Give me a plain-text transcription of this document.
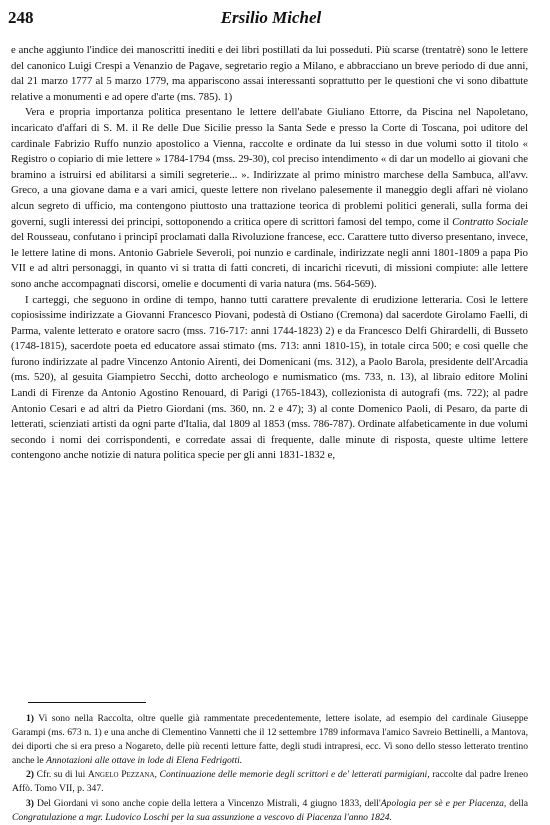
248	Ersilio Michel

e anche aggiunto l'indice dei manoscritti inediti e dei libri postillati da lui posseduti. Più scarse (trentatrè) sono le lettere del canonico Luigi Crespi a Venanzio de Pagave, segretario regio a Milano, e abbracciano un breve periodo di due anni, dal 21 marzo 1777 al 5 marzo 1779, ma appariscono assai interessanti soprattutto per le questioni che vi sono dibattute relative a monumenti e ad opere d'arte (ms. 785). 1)

Vera e propria importanza politica presentano le lettere dell'abate Giuliano Ettorre, da Piscina nel Napoletano, incaricato d'affari di S. M. il Re delle Due Sicilie presso la Santa Sede e presso la Corte di Toscana, poi uditore del cardinale Fabrizio Ruffo nunzio apostolico a Vienna, raccolte e ordinate da lui stesso in due volumi sotto il titolo « Registro o copiario di mie lettere » 1784-1794 (mss. 29-30), col preciso intendimento « di dar un modello ai giovani che bramino a istruirsi ed abilitarsi a simili segreterie... ». Indirizzate al primo ministro marchese della Sambuca, all'avv. Greco, a una giovane dama e a vari amici, queste lettere non rivelano palesemente il maneggio degli affari nè violano alcun segreto di ufficio, ma contengono piuttosto una trattazione teorica di problemi politici generali, sulla forma dei governi, sugli interessi dei principi, sottoponendo a critica opere di scrittori famosi del tempo, come il Contratto Sociale del Rousseau, confutano i principî proclamati dalla Rivoluzione francese, ecc. Carattere tutto diverso presentano, invece, le lettere latine di mons. Antonio Gabriele Severoli, poi nunzio e cardinale, indirizzate negli anni 1801-1809 a papa Pio VII e ad altri personaggi, in quanto vi si tratta di fatti concreti, di incarichi ricevuti, di missioni compiute: alle lettere sono anche accompagnati discorsi, omelie e documenti di varia natura (ms. 564-569).

I carteggi, che seguono in ordine di tempo, hanno tutti carattere prevalente di erudizione letteraria. Così le lettere copiosissime indirizzate a Giovanni Francesco Piovani, podestà di Ostiano (Cremona) dal sacerdote Girolamo Faelli, di Parma, valente letterato e oratore sacro (mss. 716-717: anni 1744-1823) 2) e da Francesco Delfi Ghirardelli, di Busseto (1748-1815), sacerdote poeta ed educatore assai stimato (ms. 713: anni 1810-15), in totale circa 500; e così quelle che furono indirizzate al padre Vincenzo Antonio Airenti, dei Domenicani (ms. 312), a Paolo Barola, presidente dell'Arcadia (ms. 520), al gesuita Giampietro Secchi, dotto archeologo e numismatico (ms. 733, n. 13), al libraio editore Molini Landi di Firenze da Antonio Agostino Renouard, di Parigi (1765-1843), collezionista di autografi (ms. 722); al padre Antonio Cesari e ad altri da Pietro Giordani (ms. 360, nn. 2 e 47); 3) al conte Domenico Paoli, di Pesaro, da parte di letterati, scienziati artisti da ogni parte d'Italia, dal 1809 al 1853 (mss. 786-787). Ordinate alfabeticamente in due volumi secondo i nomi dei corrispondenti, e corredate assai di frequente, dalle minute di risposta, queste ultime lettere contengono anche notizie di natura politica specie per gli anni 1831-1832 e,

1) Vi sono nella Raccolta, oltre quelle già rammentate precedentemente, lettere isolate, ad esempio del cardinale Giuseppe Garampi (ms. 673 n. 1) e una anche di Clementino Vannetti che il 12 settembre 1789 informava l'amico Savreio Bettinelli, a Mantova, dei diporti che si era preso a Nogareto, delle più recenti letture fatte, degli studi intrapresi, ecc. Vi sono dello stesso letterato trentino anche le Annotazioni alle ottave in lode di Elena Fedrigotti.

2) Cfr. su di lui Angelo Pezzana, Continuazione delle memorie degli scrittori e de' letterati parmigiani, raccolte dal padre Ireneo Affò. Tomo VII, p. 347.

3) Del Giordani vi sono anche copie della lettera a Vincenzo Mistrali, 4 giugno 1833, dell'Apologia per sè e per Piacenza, della Congratulazione a mgr. Ludovico Loschi per la sua assunzione a vescovo di Piacenza l'anno 1824.
